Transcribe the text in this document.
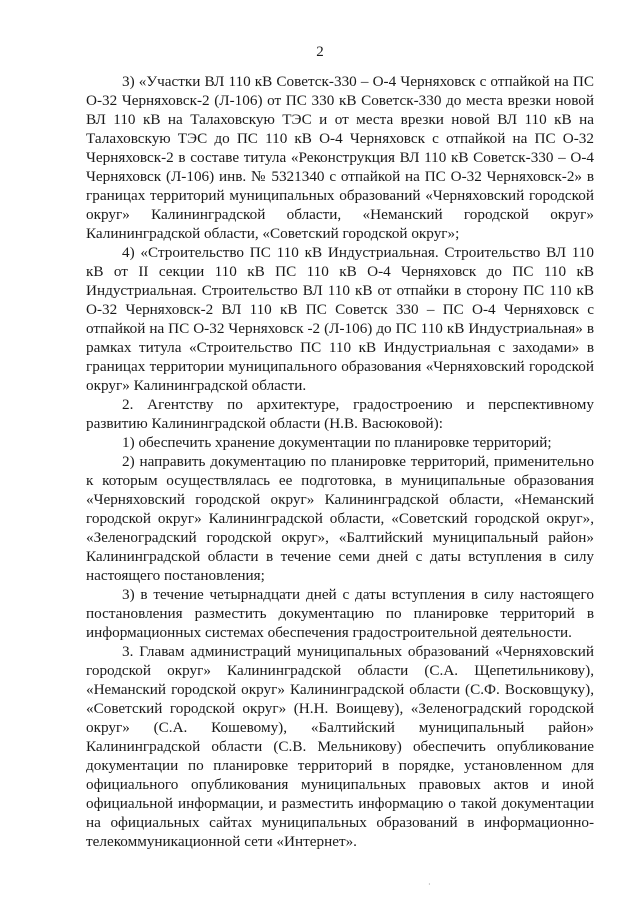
2

3) «Участки ВЛ 110 кВ Советск-330 – О-4 Черняховск с отпайкой на ПС О-32 Черняховск-2 (Л-106) от ПС 330 кВ Советск-330 до места врезки новой ВЛ 110 кВ на Талаховскую ТЭС и от места врезки новой ВЛ 110 кВ на Талаховскую ТЭС до ПС 110 кВ О-4 Черняховск с отпайкой на ПС О-32 Черняховск-2 в составе титула «Реконструкция ВЛ 110 кВ Советск-330 – О-4 Черняховск (Л-106) инв. № 5321340 с отпайкой на ПС О-32 Черняховск-2» в границах территорий муниципальных образований «Черняховский городской округ» Калининградской области, «Неманский городской округ» Калининградской области, «Советский городской округ»;

4) «Строительство ПС 110 кВ Индустриальная. Строительство ВЛ 110 кВ от II секции 110 кВ ПС 110 кВ О-4 Черняховск до ПС 110 кВ Индустриальная. Строительство ВЛ 110 кВ от отпайки в сторону ПС 110 кВ О-32 Черняховск-2 ВЛ 110 кВ ПС Советск 330 – ПС О-4 Черняховск с отпайкой на ПС О-32 Черняховск -2 (Л-106) до ПС 110 кВ Индустриальная» в рамках титула «Строительство ПС 110 кВ Индустриальная с заходами» в границах территории муниципального образования «Черняховский городской округ» Калининградской области.

2. Агентству по архитектуре, градостроению и перспективному развитию Калининградской области (Н.В. Васюковой):

1) обеспечить хранение документации по планировке территорий;

2) направить документацию по планировке территорий, применительно к которым осуществлялась ее подготовка, в муниципальные образования «Черняховский городской округ» Калининградской области, «Неманский городской округ» Калининградской области, «Советский городской округ», «Зеленоградский городской округ», «Балтийский муниципальный район» Калининградской области в течение семи дней с даты вступления в силу настоящего постановления;

3) в течение четырнадцати дней с даты вступления в силу настоящего постановления разместить документацию по планировке территорий в информационных системах обеспечения градостроительной деятельности.

3. Главам администраций муниципальных образований «Черняховский городской округ» Калининградской области (С.А. Щепетильникову), «Неманский городской округ» Калининградской области (С.Ф. Восковщуку), «Советский городской округ» (Н.Н. Воищеву), «Зеленоградский городской округ» (С.А. Кошевому), «Балтийский муниципальный район» Калининградской области (С.В. Мельникову) обеспечить опубликование документации по планировке территорий в порядке, установленном для официального опубликования муниципальных правовых актов и иной официальной информации, и разместить информацию о такой документации на официальных сайтах муниципальных образований в информационно-телекоммуникационной сети «Интернет».

·
